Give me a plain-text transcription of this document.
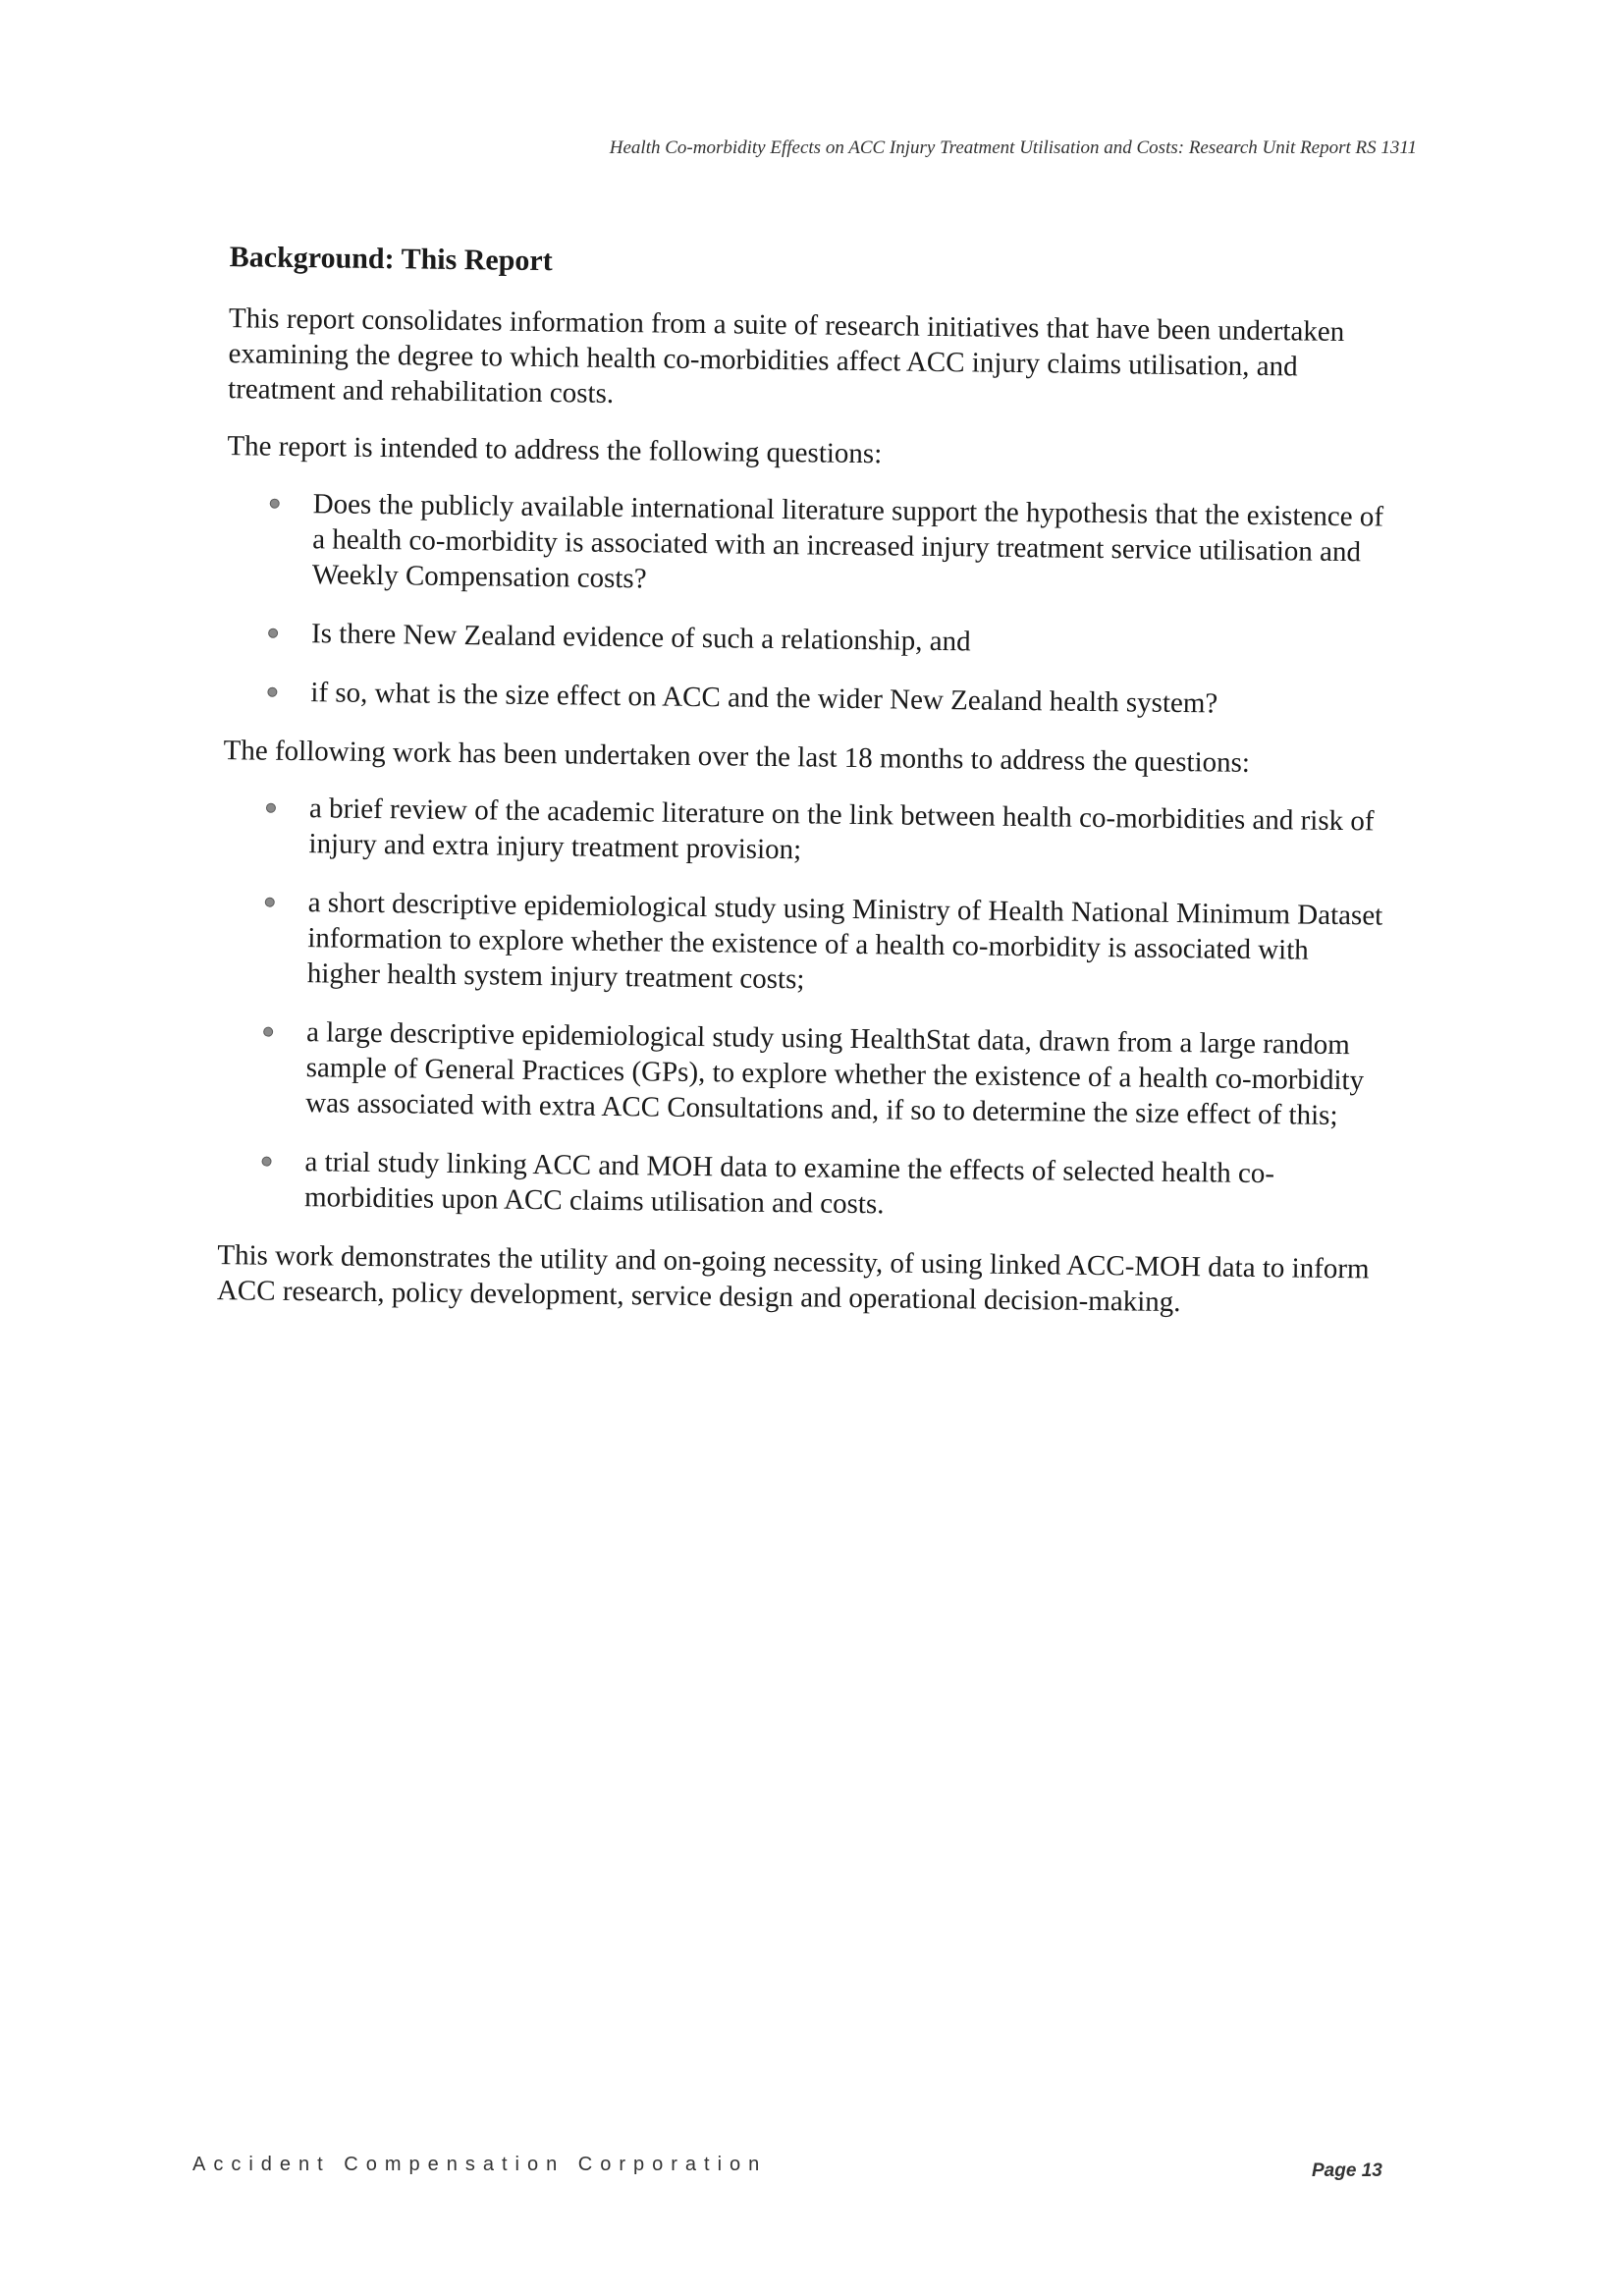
Health Co-morbidity Effects on ACC Injury Treatment Utilisation and Costs: Research Unit Report RS 1311
Background: This Report

This report consolidates information from a suite of research initiatives that have been undertaken examining the degree to which health co-morbidities affect ACC injury claims utilisation, and treatment and rehabilitation costs.

The report is intended to address the following questions:

Does the publicly available international literature support the hypothesis that the existence of a health co-morbidity is associated with an increased injury treatment service utilisation and Weekly Compensation costs?
Is there New Zealand evidence of such a relationship, and
if so, what is the size effect on ACC and the wider New Zealand health system?

The following work has been undertaken over the last 18 months to address the questions:

a brief review of the academic literature on the link between health co-morbidities and risk of injury and extra injury treatment provision;
a short descriptive epidemiological study using Ministry of Health National Minimum Dataset information to explore whether the existence of a health co-morbidity is associated with higher health system injury treatment costs;
a large descriptive epidemiological study using HealthStat data, drawn from a large random sample of General Practices (GPs), to explore whether the existence of a health co-morbidity was associated with extra ACC Consultations and, if so to determine the size effect of this;
a trial study linking ACC and MOH data to examine the effects of selected health co-morbidities upon ACC claims utilisation and costs.

This work demonstrates the utility and on-going necessity, of using linked ACC-MOH data to inform ACC research, policy development, service design and operational decision-making.

Accident Compensation Corporation	Page 13
